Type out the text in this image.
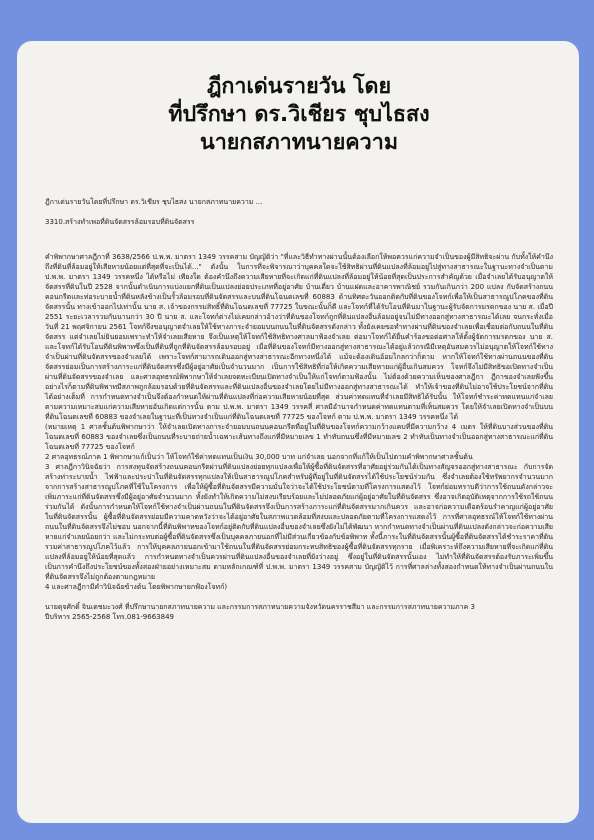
ฎีกาเด่นรายวัน โดย
ที่ปรึกษา ดร.วิเชียร ชุบไธสง
นายกสภาทนายความ

ฎีกาเด่นรายวันโดยที่ปรึกษา ดร.วิเชียร ชุบไธสง นายกสภาทนายความ ...

3310.สร้างทำเพอที่ดินจัดสรรล้อมรอบที่ดินจัดสรร

คำพิพากษาศาลฎีกาที่ 3638/2566 ป.พ.พ. มาตรา 1349 วรรคสาม บัญญัติว่า "ที่และวิธีทำทางผ่านนั้นต้องเลือกให้พอควรแก่ความจำเป็นของผู้มีสิทธิจะผ่าน กับทั้งให้คำนึงถึงที่ดินที่ล้อมอยู่ให้เสียหายน้อยแต่ที่สุดที่จะเป็นได้..." ดังนั้น ในการที่จะพิจารณาว่าบุคคลใดจะใช้สิทธิผ่านที่ดินแปลงที่ล้อมอยู่ไปสู่ทางสาธารณะในฐานะทางจำเป็นตาม ป.พ.พ. มาตรา 1349 วรรคหนึ่ง ได้หรือไม่ เพียงใด ต้องคำนึงถึงความเสียหายที่จะเกิดแก่ที่ดินแปลงที่ล้อมอยู่ให้น้อยที่สุดเป็นประการสำคัญด้วย เมื่อจำเลยได้รับอนุญาตให้จัดสรรที่ดินในปี 2528 จากนั้นดำเนินการแบ่งแยกที่ดินเป็นแปลงย่อยประเภทที่อยู่อาศัย บ้านเดี่ยว บ้านแฝดและอาคารพาณิชย์ รวมกันเกินกว่า 200 แปลง กับจัดสร้างถนนคอนกรีตและท่อระบายน้ำที่ดินหลังข้างเป็นรั้วล้อมรอบที่ดินจัดสรรและบนที่ดินโฉนดเลขที่ 60883 ด้านทิศตะวันออกติดกับที่ดินของโจทก์เพื่อให้เป็นสาธารณูปโภคของที่ดินจัดสรรนั้น ทางเข้าออกไปเท่านั้น นาย ส. เจ้าของกรรมสิทธิ์ที่ดินโฉนดเลขที่ 77725 ในขณะนั้นก็ดี และโจทก์ที่ได้รับโอนที่ดินมาในฐานะผู้รับจัดการมรดกของ นาย ส. เมื่อปี 2551 ระยะเวลารวมกันนานกว่า 30 ปี นาย ส. และโจทก์ต่างไม่เคยกล่าวอ้างว่าที่ดินของโจทก์ถูกที่ดินแปลงอื่นล้อมอยู่จนไม่มีทางออกสู่ทางสาธารณะได้เลย จนกระทั่งเมื่อวันที่ 21 พฤศจิกายน 2561 โจทก์จึงขอนุญาตจำเลยให้ใช้ทางภาระจำยอมบนถนนในที่ดินจัดสรรดังกล่าว ทั้งยังเคยขอทำทางผ่านที่ดินของจำเลยเพื่อเชื่อมต่อกับถนนในที่ดินจัดสรร แต่จำเลยไม่ยินยอมเพราะทำให้จำเลยเสียหาย จึงเป็นเหตุให้โจทก์ใช้สิทธิทางศาลมาฟ้องจำเลย ต่อมาโจทก์ได้ยื่นคำร้องขอต่อศาลให้ตั้งผู้จัดการมรดกของ นาย ส. และโจทก์ได้รับโอนที่ดินพิพาทซึ่งเป็นที่ดินที่ถูกที่ดินจัดสรรล้อมรอบอยู่ เมื่อที่ดินของโจทก์มีทางออกสู่ทางสาธารณะได้อยู่แล้วกรณีมีเหตุอันสมควรไม่อนุญาตให้โจทก์ใช้ทางจำเป็นผ่านที่ดินจัดสรรของจำเลยได้ เพราะโจทก์สามารถเดินออกสู่ทางสาธารณะอีกทางหนึ่งได้ แม้จะต้องเดินอ้อมไกลกว่าก็ตาม หากให้โจทก์ใช้ทางผ่านถนนของที่ดินจัดสรรย่อมเป็นการสร้างภาระแก่ที่ดินจัดสรรซึ่งมีผู้อยู่อาศัยเป็นจำนวนมาก เป็นการใช้สิทธิที่ก่อให้เกิดความเสียหายแก่ผู้อื่นเกินสมควร โจทก์จึงไม่มีสิทธิขอเปิดทางจำเป็นผ่านที่ดินจัดสรรของจำเลย และศาลอุทธรณ์พิพากษาให้จำเลยจดทะเบียนเปิดทางจำเป็นให้แก่โจทก์ตามฟ้องนั้น ไม่ต้องด้วยความเห็นของศาลฎีกา ฎีกาของจำเลยฟังขึ้น อย่างไรก็ตามที่ดินพิพาทมีสภาพถูกล้อมรอบด้วยที่ดินจัดสรรและที่ดินแปลงอื่นของจำเลยโดยไม่มีทางออกสู่ทางสาธารณะได้ ทำให้เจ้าของที่ดินไม่อาจใช้ประโยชน์จากที่ดินได้อย่างเต็มที่ การกำหนดทางจำเป็นจึงต้องกำหนดให้ผ่านที่ดินแปลงที่ก่อความเสียหายน้อยที่สุด ส่วนค่าทดแทนที่จำเลยมีสิทธิได้รับนั้น ให้โจทก์ชำระค่าทดแทนแก่จำเลยตามความเหมาะสมแก่ความเสียหายอันเกิดแต่การนั้น ตาม ป.พ.พ. มาตรา 1349 วรรคสี่ ศาลมีอำนาจกำหนดค่าทดแทนตามที่เห็นสมควร โดยให้จำเลยเปิดทางจำเป็นบนที่ดินโฉนดเลขที่ 60883 ของจำเลยในฐานะที่เป็นทางจำเป็นแก่ที่ดินโฉนดเลขที่ 77725 ของโจทก์ ตาม ป.พ.พ. มาตรา 1349 วรรคหนึ่ง ได้

(หมายเหตุ 1 ศาลชั้นต้นพิพากษาว่า ให้จำเลยเปิดทางภาระจำยอมบนถนนคอนกรีตที่อยู่ในที่ดินของโจทก์ความกว้างแคบที่มีความกว้าง 4 เมตร ให้ที่ดินบางส่วนของที่ดินโฉนดเลขที่ 60883 ของจำเลยซึ่งเป็นถนนที่ระบายถ่ายน้ำเฉพาะเส้นทางถึงแก่ที่มีหมายเลข 1 ทำทับถนนซึ่งที่มีหมายเลข 2 ทำทับเป็นทางจำเป็นออกสู่ทางสาธารณะแก่ที่ดินโฉนดเลขที่ 77725 ของโจทก์

2 ศาลอุทธรณ์ภาค 1 พิพากษาแก้เป็นว่า ให้โจทก์ใช้ค่าทดแทนเป็นเงิน 30,000 บาท แก่จำเลย นอกจากที่แก้ให้เป็นไปตามคำพิพากษาศาลชั้นต้น

3 ศาลฎีกาวินิจฉัยว่า การสงทุนจัดสร้างถนนคอนกรีตผ่านที่ดินแปลงย่อยทุกแปลงเพื่อให้ผู้ซื้อที่ดินจัดสรรที่อาศัยอยู่ร่วมกันได้เป็นทางสัญจรออกสู่ทางสาธารณะ กับการจัดสร้างท่าระบายน้ำ ไฟฟ้าและประปาในที่ดินจัดสรรทุกแปลงให้เป็นสาธารณูปโภคสำหรับผู้ที่อยู่ในที่ดินจัดสรรได้ใช้ประโยชน์ร่วมกัน ซึ่งจำเลยต้องใช้ทรัพยากรจำนวนมากจากการสร้างสาธารณูปโภคที่ใช้ในโครงการ เพื่อให้ผู้ซื้อที่ดินจัดสรรมีความมั่นใจว่าจะได้ใช้ประโยชน์ตามที่โครงการแสดงไว้ โจทก์ย่อมทราบดีว่าการใช้ถนนดังกล่าวจะเพิ่มภาระแก่ที่ดินจัดสรรซึ่งมีผู้อยู่อาศัยจำนวนมาก ทั้งยังทำให้เกิดความไม่สงบเรียบร้อยและไม่ปลอดภัยแก่ผู้อยู่อาศัยในที่ดินจัดสรร ซึ่งอาจเกิดอุบัติเหตุจากการใช้รถใช้ถนนร่วมกันได้ ดังนั้นการกำหนดให้โจทก์ใช้ทางจำเป็นผ่านถนนในที่ดินจัดสรรจึงเป็นการสร้างภาระแก่ที่ดินจัดสรรมากเกินควร และอาจก่อความเดือดร้อนรำคาญแก่ผู้อยู่อาศัยในที่ดินจัดสรรนั้น ผู้ซื้อที่ดินจัดสรรย่อมมีความคาดหวังว่าจะได้อยู่อาศัยในสภาพแวดล้อมที่สงบและปลอดภัยตามที่โครงการแสดงไว้ การที่ศาลอุทธรณ์ให้โจทก์ใช้ทางผ่านถนนในที่ดินจัดสรรจึงไม่ชอบ นอกจากนี้ที่ดินพิพาทของโจทก์อยู่ติดกับที่ดินแปลงอื่นของจำเลยซึ่งยังไม่ได้พัฒนา หากกำหนดทางจำเป็นผ่านที่ดินแปลงดังกล่าวจะก่อความเสียหายแก่จำเลยน้อยกว่า และไม่กระทบต่อผู้ซื้อที่ดินจัดสรรซึ่งเป็นบุคคลภายนอกที่ไม่มีส่วนเกี่ยวข้องกับข้อพิพาท ทั้งนี้ภาระในที่ดินจัดสรรนั้นผู้ซื้อที่ดินจัดสรรได้ชำระราคาที่ดินรวมค่าสาธารณูปโภคไว้แล้ว การให้บุคคลภายนอกเข้ามาใช้ถนนในที่ดินจัดสรรย่อมกระทบสิทธิของผู้ซื้อที่ดินจัดสรรทุกราย เมื่อพิเคราะห์ถึงความเสียหายที่จะเกิดแก่ที่ดินแปลงที่ล้อมอยู่ให้น้อยที่สุดแล้ว การกำหนดทางจำเป็นควรผ่านที่ดินแปลงอื่นของจำเลยที่ยังว่างอยู่ ซึ่งอยู่ในที่ดินจัดสรรนั้นเอง ไม่ทำให้ที่ดินจัดสรรต้องรับภาระเพิ่มขึ้น เป็นการคำนึงถึงประโยชน์ของทั้งสองฝ่ายอย่างเหมาะสม ตามหลักเกณฑ์ที่ ป.พ.พ. มาตรา 1349 วรรคสาม บัญญัติไว้ การที่ศาลล่างทั้งสองกำหนดให้ทางจำเป็นผ่านถนนในที่ดินจัดสรรจึงไม่ถูกต้องตามกฎหมาย

4 และศาลฎีกามีคำวินิจฉัยข้างต้น โดยพิพากษายกฟ้องโจทก์)

นายดุจศักดิ์ จินเดชมะวงศ์ ที่ปรึกษานายกสภาทนายความ และกรรมการสภาทนายความจังหวัดนครราชสีมา และกรรมการสภาทนายความภาค 3
ปีบริหาร 2565-2568 โทร.081-9663849
